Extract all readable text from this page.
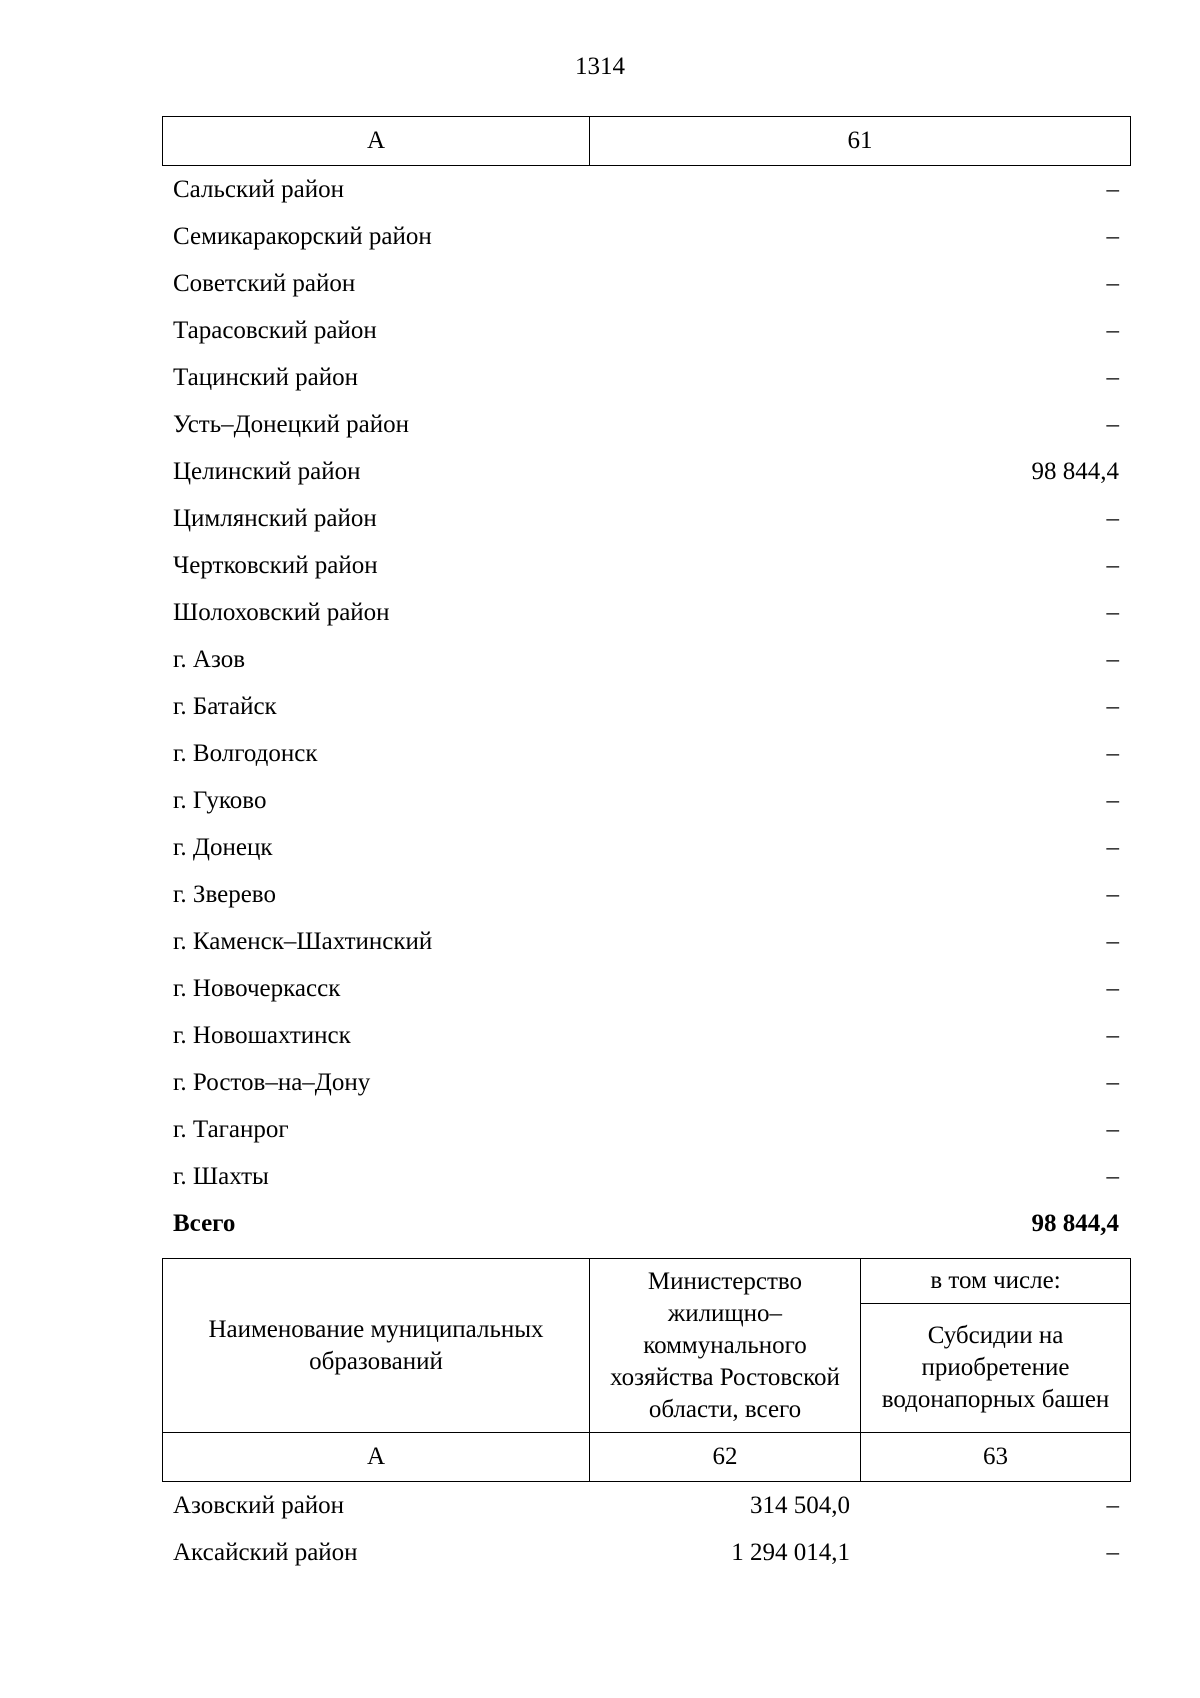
1314
А	61
Сальский район	–
Семикаракорский район	–
Советский район	–
Тарасовский район	–
Тацинский район	–
Усть–Донецкий район	–
Целинский район	98 844,4
Цимлянский район	–
Чертковский район	–
Шолоховский район	–
г. Азов	–
г. Батайск	–
г. Волгодонск	–
г. Гуково	–
г. Донецк	–
г. Зверево	–
г. Каменск–Шахтинский	–
г. Новочеркасск	–
г. Новошахтинск	–
г. Ростов–на–Дону	–
г. Таганрог	–
г. Шахты	–
Всего	98 844,4
Наименование муниципальных образований	Министерство жилищно–коммунального хозяйства Ростовской области, всего	в том числе:
		Субсидии на приобретение водонапорных башен
А	62	63
Азовский район	314 504,0	–
Аксайский район	1 294 014,1	–
